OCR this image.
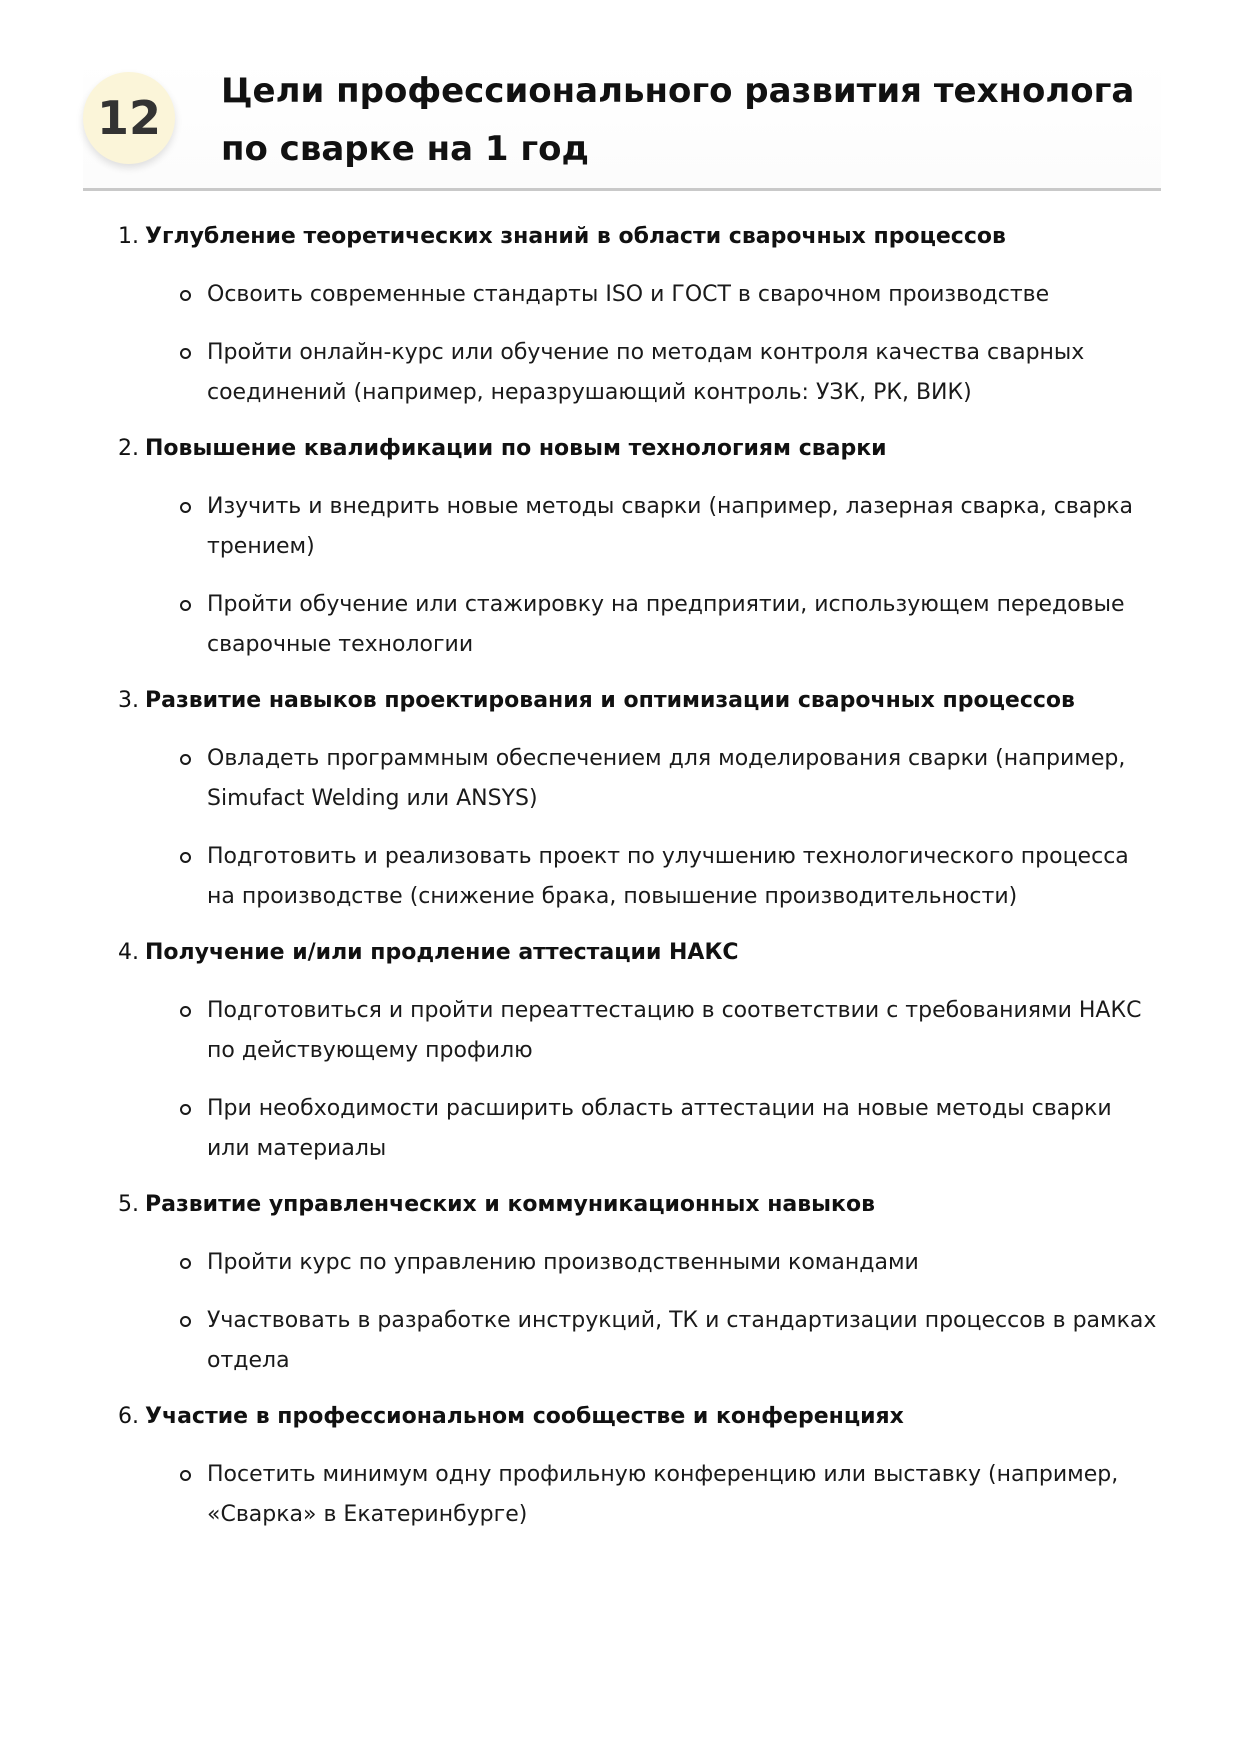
12	Цели профессионального развития технолога по сварке на 1 год
1. Углубление теоретических знаний в области сварочных процессов
Освоить современные стандарты ISO и ГОСТ в сварочном производстве
Пройти онлайн-курс или обучение по методам контроля качества сварных соединений (например, неразрушающий контроль: УЗК, РК, ВИК)
2. Повышение квалификации по новым технологиям сварки
Изучить и внедрить новые методы сварки (например, лазерная сварка, сварка трением)
Пройти обучение или стажировку на предприятии, использующем передовые сварочные технологии
3. Развитие навыков проектирования и оптимизации сварочных процессов
Овладеть программным обеспечением для моделирования сварки (например, Simufact Welding или ANSYS)
Подготовить и реализовать проект по улучшению технологического процесса на производстве (снижение брака, повышение производительности)
4. Получение и/или продление аттестации НАКС
Подготовиться и пройти переаттестацию в соответствии с требованиями НАКС по действующему профилю
При необходимости расширить область аттестации на новые методы сварки или материалы
5. Развитие управленческих и коммуникационных навыков
Пройти курс по управлению производственными командами
Участвовать в разработке инструкций, ТК и стандартизации процессов в рамках отдела
6. Участие в профессиональном сообществе и конференциях
Посетить минимум одну профильную конференцию или выставку (например, «Сварка» в Екатеринбурге)
